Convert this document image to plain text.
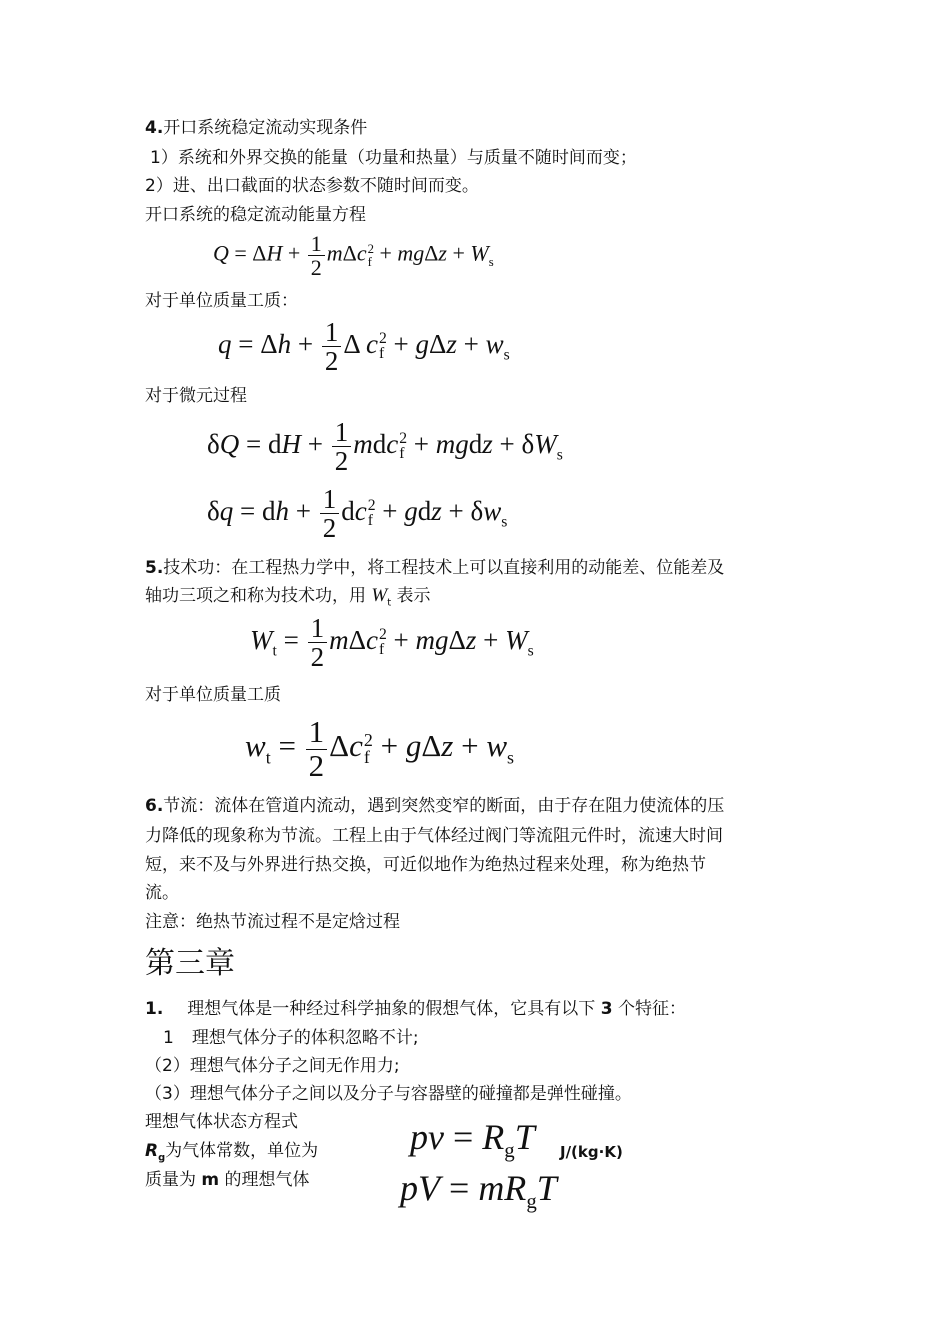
4.开口系统稳定流动实现条件
1）系统和外界交换的能量（功量和热量）与质量不随时间而变；
2）进、出口截面的状态参数不随时间而变。
开口系统的稳定流动能量方程
$Q = \Delta H + \frac{1}{2}$ mΔc 2
$f + mg\Delta z + W_s$
对于单位质量工质：
$q = \Delta h + \frac{1}{2}$ Δ c 2
$f + g\Delta z + w_s$
对于微元过程
δQ = dH + $\frac{1}{2}$ mdc 2
f + mgdz + $\delta W_s$
δq = dh + $\frac{1}{2}$ dc 2
f + gdz + $\delta w_s$
5.技术功：在工程热力学中，将工程技术上可以直接利用的动能差、位能差及
轴功三项之和称为技术功，用 $W_t$ 表示
$W_t = \frac{1}{2}$ mΔc 2
$f + mg\Delta z + W_s$
对于单位质量工质
$w_t = \frac{1}{2}$ Δc 2
$f + g\Delta z + w_s$
6.节流：流体在管道内流动，遇到突然变窄的断面，由于存在阻力使流体的压
力降低的现象称为节流。工程上由于气体经过阀门等流阻元件时，流速大时间
短，来不及与外界进行热交换，可近似地作为绝热过程来处理，称为绝热节
流。
注意：绝热节流过程不是定焓过程
第三章
1. 理想气体是一种经过科学抽象的假想气体，它具有以下 3 个特征：
1 理想气体分子的体积忽略不计;
（2）理想气体分子之间无作用力;
（3）理想气体分子之间以及分子与容器壁的碰撞都是弹性碰撞。
理想气体状态方程式
$R_g$为气体常数，单位为
质量为 m 的理想气体
pv = $R_gT$ J/(kg·K)
pV = $mR_gT$
